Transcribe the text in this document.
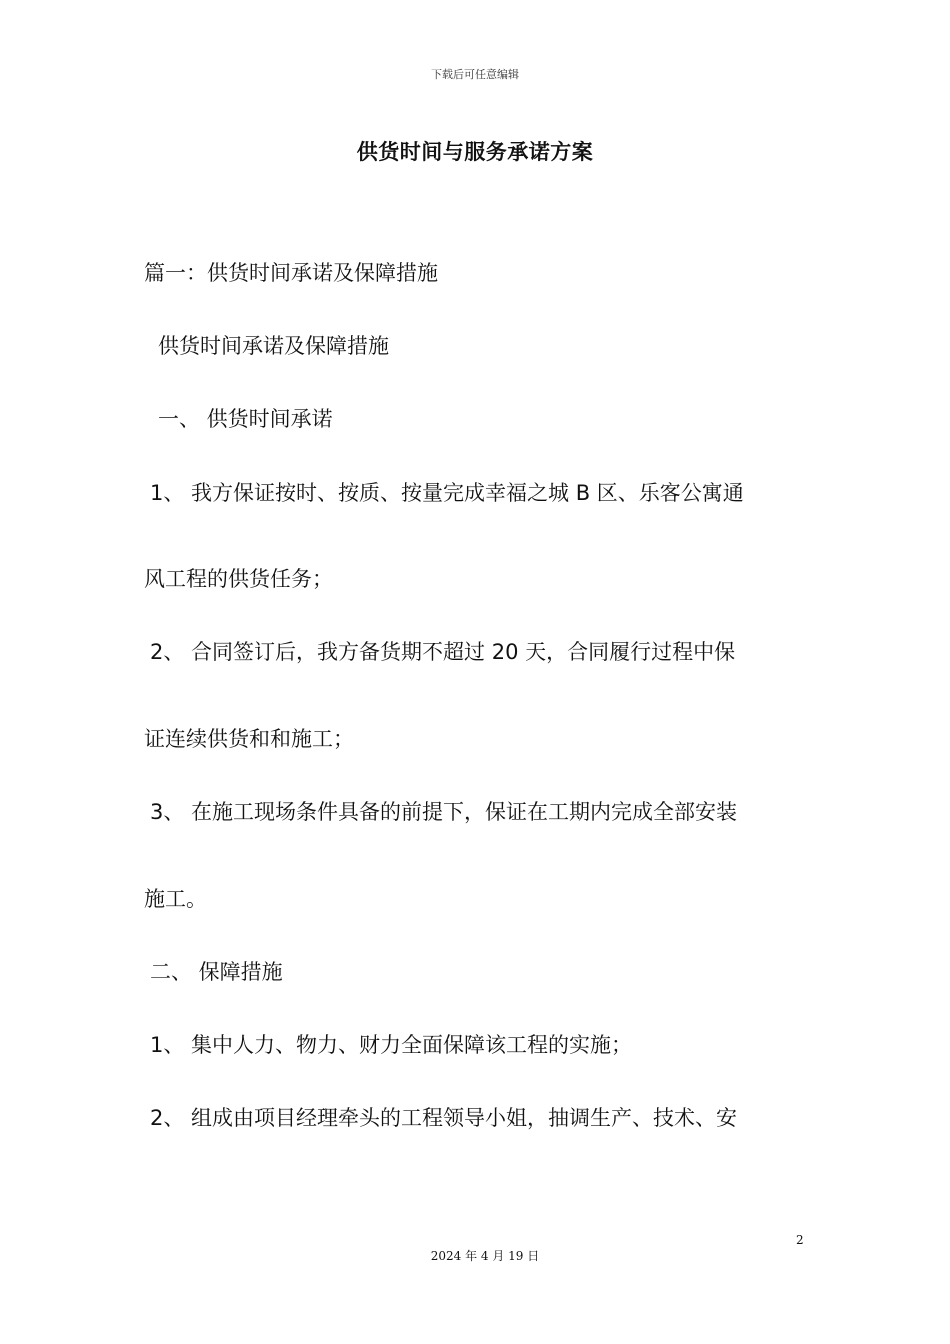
下载后可任意编辑
供货时间与服务承诺方案
篇一：供货时间承诺及保障措施
供货时间承诺及保障措施
一、 供货时间承诺
1、 我方保证按时、按质、按量完成幸福之城 B 区、乐客公寓通
风工程的供货任务；
2、 合同签订后，我方备货期不超过 20 天，合同履行过程中保
证连续供货和和施工；
3、 在施工现场条件具备的前提下，保证在工期内完成全部安装
施工。
二、 保障措施
1、 集中人力、物力、财力全面保障该工程的实施；
2、 组成由项目经理牵头的工程领导小姐，抽调生产、技术、安
2
2024 年 4 月 19 日
